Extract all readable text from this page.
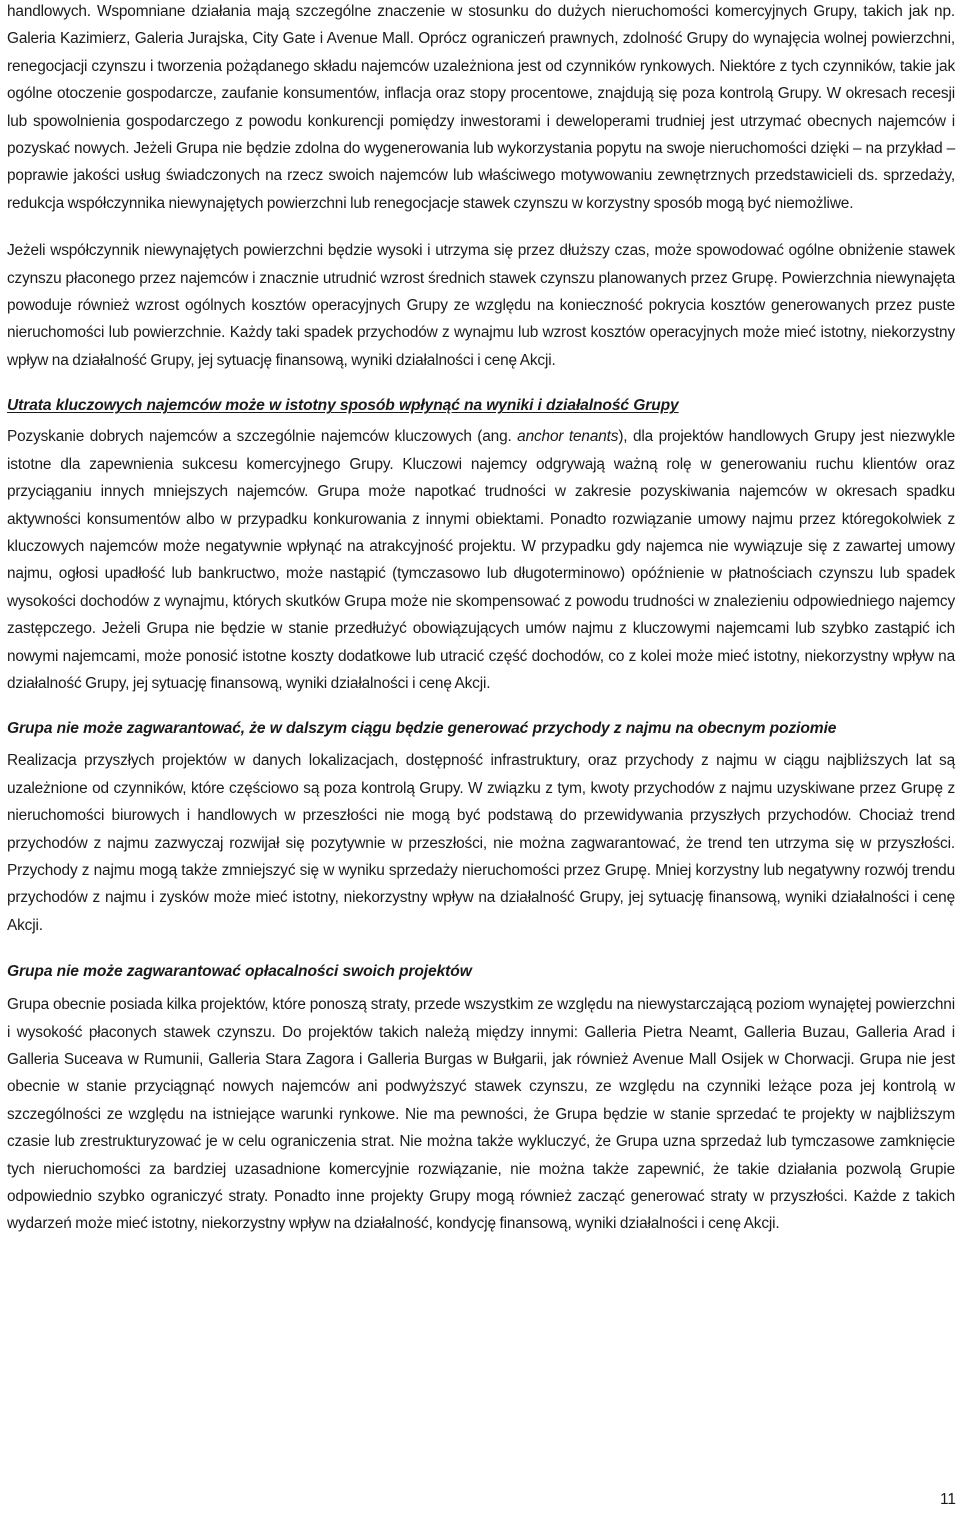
handlowych. Wspomniane działania mają szczególne znaczenie w stosunku do dużych nieruchomości komercyjnych Grupy, takich jak np. Galeria Kazimierz, Galeria Jurajska, City Gate i Avenue Mall. Oprócz ograniczeń prawnych, zdolność Grupy do wynajęcia wolnej powierzchni, renegocjacji czynszu i tworzenia pożądanego składu najemców uzależniona jest od czynników rynkowych. Niektóre z tych czynników, takie jak ogólne otoczenie gospodarcze, zaufanie konsumentów, inflacja oraz stopy procentowe, znajdują się poza kontrolą Grupy. W okresach recesji lub spowolnienia gospodarczego z powodu konkurencji pomiędzy inwestorami i deweloperami trudniej jest utrzymać obecnych najemców i pozyskać nowych. Jeżeli Grupa nie będzie zdolna do wygenerowania lub wykorzystania popytu na swoje nieruchomości dzięki – na przykład – poprawie jakości usług świadczonych na rzecz swoich najemców lub właściwego motywowaniu zewnętrznych przedstawicieli ds. sprzedaży, redukcja współczynnika niewynajętych powierzchni lub renegocjacje stawek czynszu w korzystny sposób mogą być niemożliwe.

Jeżeli współczynnik niewynajętych powierzchni będzie wysoki i utrzyma się przez dłuższy czas, może spowodować ogólne obniżenie stawek czynszu płaconego przez najemców i znacznie utrudnić wzrost średnich stawek czynszu planowanych przez Grupę. Powierzchnia niewynajęta powoduje również wzrost ogólnych kosztów operacyjnych Grupy ze względu na konieczność pokrycia kosztów generowanych przez puste nieruchomości lub powierzchnie. Każdy taki spadek przychodów z wynajmu lub wzrost kosztów operacyjnych może mieć istotny, niekorzystny wpływ na działalność Grupy, jej sytuację finansową, wyniki działalności i cenę Akcji.

Utrata kluczowych najemców może w istotny sposób wpłynąć na wyniki i działalność Grupy

Pozyskanie dobrych najemców a szczególnie najemców kluczowych (ang. anchor tenants), dla projektów handlowych Grupy jest niezwykle istotne dla zapewnienia sukcesu komercyjnego Grupy. Kluczowi najemcy odgrywają ważną rolę w generowaniu ruchu klientów oraz przyciąganiu innych mniejszych najemców. Grupa może napotkać trudności w zakresie pozyskiwania najemców w okresach spadku aktywności konsumentów albo w przypadku konkurowania z innymi obiektami. Ponadto rozwiązanie umowy najmu przez któregokolwiek z kluczowych najemców może negatywnie wpłynąć na atrakcyjność projektu. W przypadku gdy najemca nie wywiązuje się z zawartej umowy najmu, ogłosi upadłość lub bankructwo, może nastąpić (tymczasowo lub długoterminowo) opóźnienie w płatnościach czynszu lub spadek wysokości dochodów z wynajmu, których skutków Grupa może nie skompensować z powodu trudności w znalezieniu odpowiedniego najemcy zastępczego. Jeżeli Grupa nie będzie w stanie przedłużyć obowiązujących umów najmu z kluczowymi najemcami lub szybko zastąpić ich nowymi najemcami, może ponosić istotne koszty dodatkowe lub utracić część dochodów, co z kolei może mieć istotny, niekorzystny wpływ na działalność Grupy, jej sytuację finansową, wyniki działalności i cenę Akcji.

Grupa nie może zagwarantować, że w dalszym ciągu będzie generować przychody z najmu na obecnym poziomie

Realizacja przyszłych projektów w danych lokalizacjach, dostępność infrastruktury, oraz przychody z najmu w ciągu najbliższych lat są uzależnione od czynników, które częściowo są poza kontrolą Grupy. W związku z tym, kwoty przychodów z najmu uzyskiwane przez Grupę z nieruchomości biurowych i handlowych w przeszłości nie mogą być podstawą do przewidywania przyszłych przychodów. Chociaż trend przychodów z najmu zazwyczaj rozwijał się pozytywnie w przeszłości, nie można zagwarantować, że trend ten utrzyma się w przyszłości. Przychody z najmu mogą także zmniejszyć się w wyniku sprzedaży nieruchomości przez Grupę. Mniej korzystny lub negatywny rozwój trendu przychodów z najmu i zysków może mieć istotny, niekorzystny wpływ na działalność Grupy, jej sytuację finansową, wyniki działalności i cenę Akcji.

Grupa nie może zagwarantować opłacalności swoich projektów

Grupa obecnie posiada kilka projektów, które ponoszą straty, przede wszystkim ze względu na niewystarczającą poziom wynajętej powierzchni i wysokość płaconych stawek czynszu. Do projektów takich należą między innymi: Galleria Pietra Neamt, Galleria Buzau, Galleria Arad i Galleria Suceava w Rumunii, Galleria Stara Zagora i Galleria Burgas w Bułgarii, jak również Avenue Mall Osijek w Chorwacji. Grupa nie jest obecnie w stanie przyciągnąć nowych najemców ani podwyższyć stawek czynszu, ze względu na czynniki leżące poza jej kontrolą w szczególności ze względu na istniejące warunki rynkowe. Nie ma pewności, że Grupa będzie w stanie sprzedać te projekty w najbliższym czasie lub zrestrukturyzować je w celu ograniczenia strat. Nie można także wykluczyć, że Grupa uzna sprzedaż lub tymczasowe zamknięcie tych nieruchomości za bardziej uzasadnione komercyjnie rozwiązanie, nie można także zapewnić, że takie działania pozwolą Grupie odpowiednio szybko ograniczyć straty. Ponadto inne projekty Grupy mogą również zacząć generować straty w przyszłości. Każde z takich wydarzeń może mieć istotny, niekorzystny wpływ na działalność, kondycję finansową, wyniki działalności i cenę Akcji.

11
